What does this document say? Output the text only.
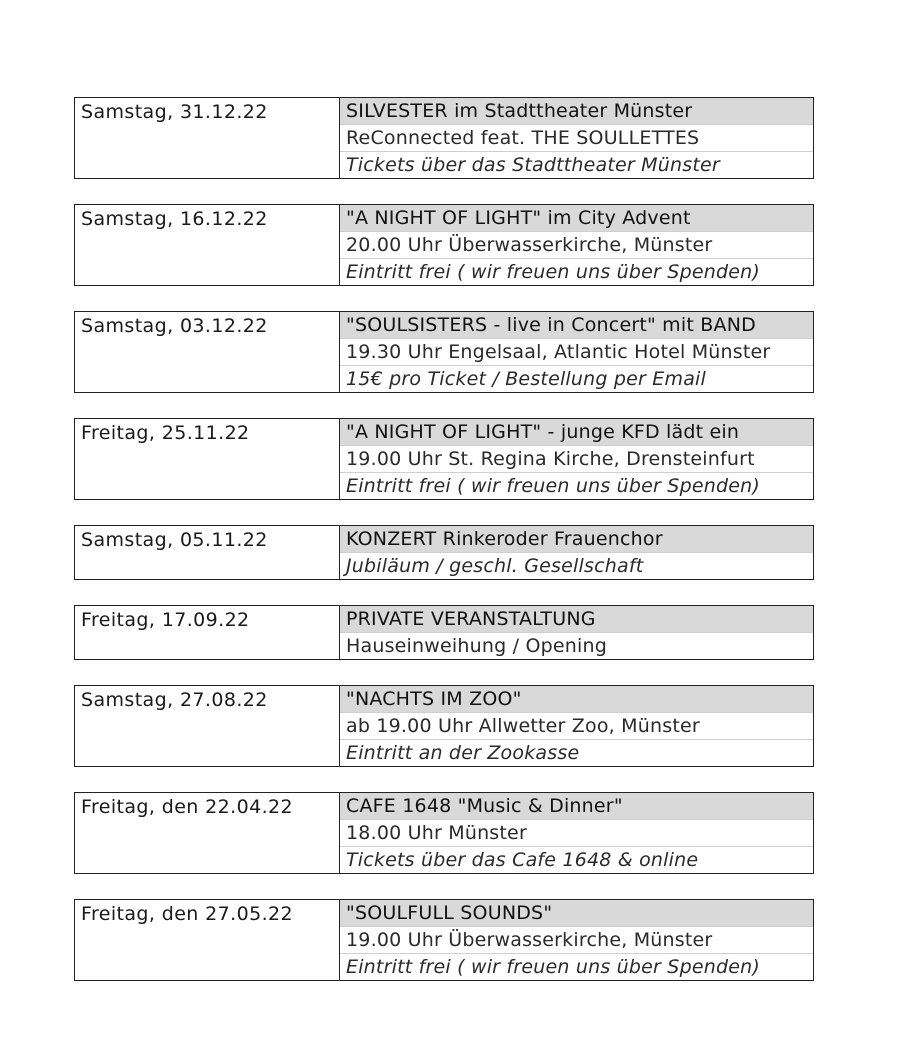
Samstag, 31.12.22	SILVESTER im Stadttheater Münster
ReConnected feat. THE SOULLETTES
Tickets über das Stadttheater Münster
Samstag, 16.12.22	"A NIGHT OF LIGHT" im City Advent
20.00 Uhr Überwasserkirche, Münster
Eintritt frei ( wir freuen uns über Spenden)
Samstag, 03.12.22	"SOULSISTERS - live in Concert" mit BAND
19.30 Uhr Engelsaal, Atlantic Hotel Münster
15€ pro Ticket / Bestellung per Email
Freitag, 25.11.22	"A NIGHT OF LIGHT" - junge KFD lädt ein
19.00 Uhr St. Regina Kirche, Drensteinfurt
Eintritt frei ( wir freuen uns über Spenden)
Samstag, 05.11.22	KONZERT Rinkeroder Frauenchor
Jubiläum / geschl. Gesellschaft
Freitag, 17.09.22	PRIVATE VERANSTALTUNG
Hauseinweihung / Opening
Samstag, 27.08.22	"NACHTS IM ZOO"
ab 19.00 Uhr Allwetter Zoo, Münster
Eintritt an der Zookasse
Freitag, den 22.04.22	CAFE 1648 "Music & Dinner"
18.00 Uhr Münster
Tickets über das Cafe 1648 & online
Freitag, den 27.05.22	"SOULFULL SOUNDS"
19.00 Uhr Überwasserkirche, Münster
Eintritt frei ( wir freuen uns über Spenden)
